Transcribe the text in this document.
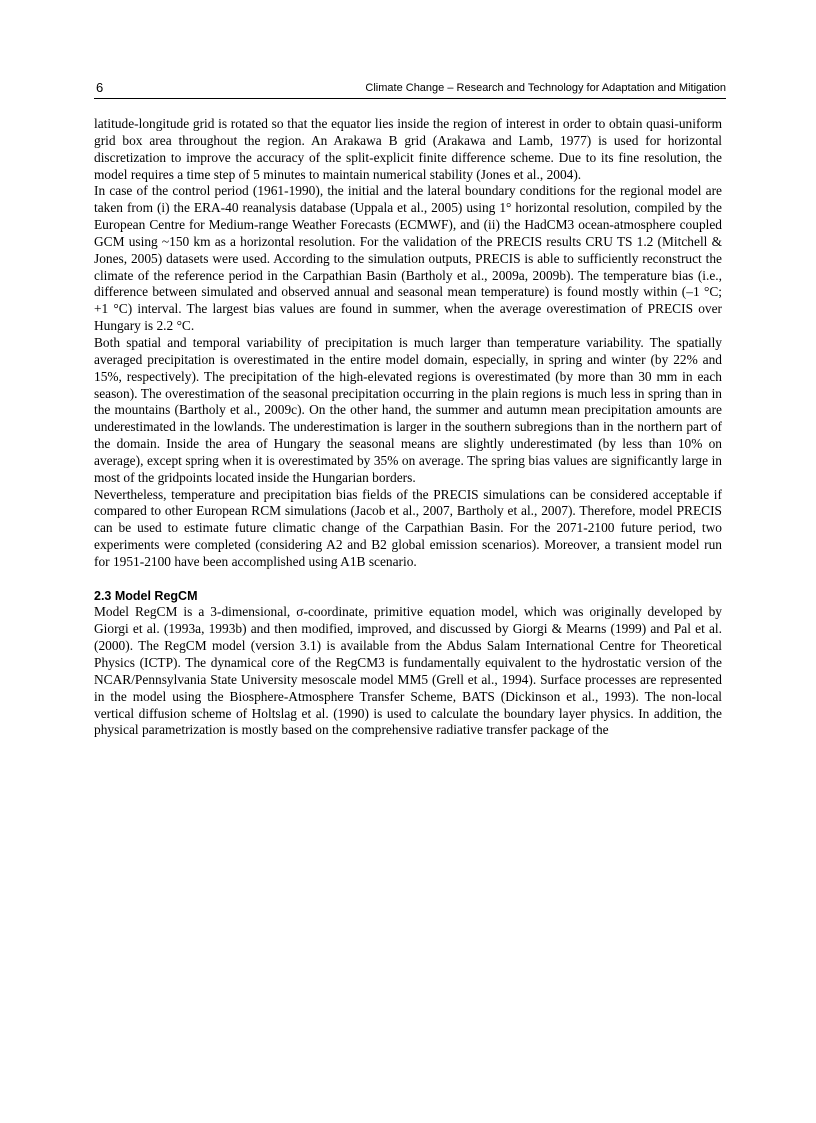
6	Climate Change – Research and Technology for Adaptation and Mitigation

latitude-longitude grid is rotated so that the equator lies inside the region of interest in order to obtain quasi-uniform grid box area throughout the region. An Arakawa B grid (Arakawa and Lamb, 1977) is used for horizontal discretization to improve the accuracy of the split-explicit finite difference scheme. Due to its fine resolution, the model requires a time step of 5 minutes to maintain numerical stability (Jones et al., 2004).

In case of the control period (1961-1990), the initial and the lateral boundary conditions for the regional model are taken from (i) the ERA-40 reanalysis database (Uppala et al., 2005) using 1° horizontal resolution, compiled by the European Centre for Medium-range Weather Forecasts (ECMWF), and (ii) the HadCM3 ocean-atmosphere coupled GCM using ~150 km as a horizontal resolution. For the validation of the PRECIS results CRU TS 1.2 (Mitchell & Jones, 2005) datasets were used. According to the simulation outputs, PRECIS is able to sufficiently reconstruct the climate of the reference period in the Carpathian Basin (Bartholy et al., 2009a, 2009b). The temperature bias (i.e., difference between simulated and observed annual and seasonal mean temperature) is found mostly within (–1 °C; +1 °C) interval. The largest bias values are found in summer, when the average overestimation of PRECIS over Hungary is 2.2 °C.

Both spatial and temporal variability of precipitation is much larger than temperature variability. The spatially averaged precipitation is overestimated in the entire model domain, especially, in spring and winter (by 22% and 15%, respectively). The precipitation of the high-elevated regions is overestimated (by more than 30 mm in each season). The overestimation of the seasonal precipitation occurring in the plain regions is much less in spring than in the mountains (Bartholy et al., 2009c). On the other hand, the summer and autumn mean precipitation amounts are underestimated in the lowlands. The underestimation is larger in the southern subregions than in the northern part of the domain. Inside the area of Hungary the seasonal means are slightly underestimated (by less than 10% on average), except spring when it is overestimated by 35% on average. The spring bias values are significantly large in most of the gridpoints located inside the Hungarian borders.

Nevertheless, temperature and precipitation bias fields of the PRECIS simulations can be considered acceptable if compared to other European RCM simulations (Jacob et al., 2007, Bartholy et al., 2007). Therefore, model PRECIS can be used to estimate future climatic change of the Carpathian Basin. For the 2071-2100 future period, two experiments were completed (considering A2 and B2 global emission scenarios). Moreover, a transient model run for 1951-2100 have been accomplished using A1B scenario.

2.3 Model RegCM

Model RegCM is a 3-dimensional, σ-coordinate, primitive equation model, which was originally developed by Giorgi et al. (1993a, 1993b) and then modified, improved, and discussed by Giorgi & Mearns (1999) and Pal et al. (2000). The RegCM model (version 3.1) is available from the Abdus Salam International Centre for Theoretical Physics (ICTP). The dynamical core of the RegCM3 is fundamentally equivalent to the hydrostatic version of the NCAR/Pennsylvania State University mesoscale model MM5 (Grell et al., 1994). Surface processes are represented in the model using the Biosphere-Atmosphere Transfer Scheme, BATS (Dickinson et al., 1993). The non-local vertical diffusion scheme of Holtslag et al. (1990) is used to calculate the boundary layer physics. In addition, the physical parametrization is mostly based on the comprehensive radiative transfer package of the
